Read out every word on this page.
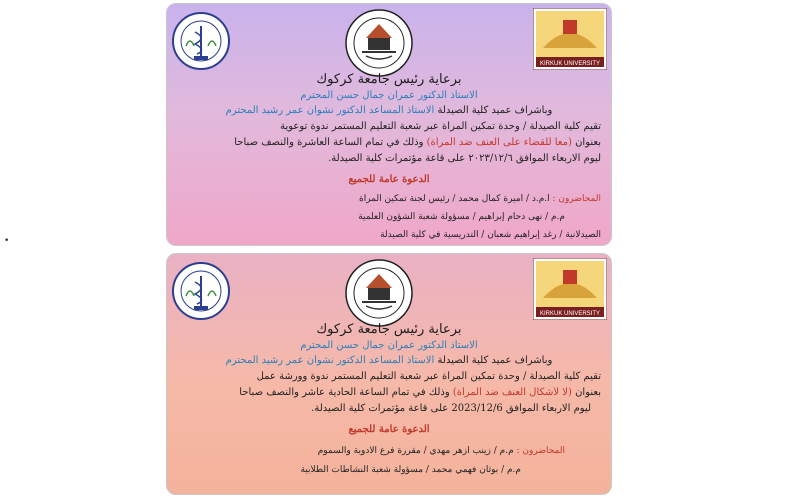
•
KIRKUK UNIVERSITY
برعاية رئيس جامعة كركوك
الاستاذ الدكتور عمران جمال حسن المحترم
وبأشراف عميد كلية الصيدلة الاستاذ المساعد الدكتور نشوان عمر رشيد المحترم
تقيم كلية الصيدلة / وحدة تمكين المرأة عبر شعبة التعليم المستمر ندوة توعوية
بعنوان (معاً للقضاء على العنف ضد المرأة) وذلك في تمام الساعة العاشرة والنصف صباحاً
ليوم الاربعاء الموافق ٢٠٢٣/١٢/٦ على قاعة مؤتمرات كلية الصيدلة.
الدعوة عامة للجميع
المحاضرون : أ.م.د / أميرة كمال محمد / رئيس لجنة تمكين المرأة
م.م / نهى دحام إبراهيم / مسؤولة شعبة الشؤون العلمية
الصيدلانية / رغد إبراهيم شعبان / التدريسية في كلية الصيدلة
KIRKUK UNIVERSITY
برعاية رئيس جامعة كركوك
الاستاذ الدكتور عمران جمال حسن المحترم
وبأشراف عميد كلية الصيدلة الاستاذ المساعد الدكتور نشوان عمر رشيد المحترم
تقيم كلية الصيدلة / وحدة تمكين المرأة عبر شعبة التعليم المستمر ندوة وورشة عمل
بعنوان (لا لأشكال العنف ضد المرأة) وذلك في تمام الساعة الحادية عاشر والنصف صباحاً
ليوم الاربعاء الموافق 2023/12/6 على قاعة مؤتمرات كلية الصيدلة.
الدعوة عامة للجميع
المحاضرون : م.م / زينب أزهر مهدي / مقررة فرع الادوية والسموم
م.م / بوثان فهمي محمد / مسؤولة شعبة النشاطات الطلابية
